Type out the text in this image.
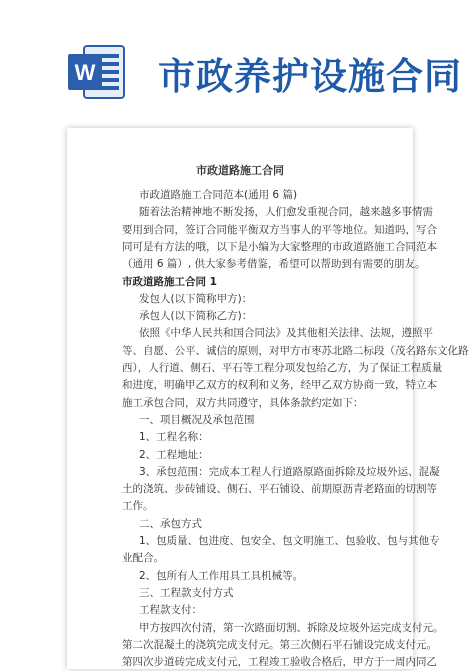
W 市政养护设施合同
市政道路施工合同

市政道路施工合同范本(通用 6 篇)

随着法治精神地不断发扬，人们愈发重视合同，越来越多事情需

要用到合同，签订合同能平衡双方当事人的平等地位。知道吗，写合

同可是有方法的哦，以下是小编为大家整理的市政道路施工合同范本

（通用 6 篇）, 供大家参考借鉴，希望可以帮助到有需要的朋友。

市政道路施工合同 1

发包人(以下简称甲方)：

承包人(以下简称乙方)：

依照《中华人民共和国合同法》及其他相关法律、法规，遵照平

等、自愿、公平、诚信的原则，对甲方市枣苏北路二标段（茂名路东文化路

西），人行道、侧石、平石等工程分项发包给乙方，为了保证工程质量

和进度，明确甲乙双方的权利和义务，经甲乙双方协商一致，特立本

施工承包合同，双方共同遵守，具体条款约定如下：

一、项目概况及承包范围

1、工程名称：

2、工程地址：

3、承包范围：完成本工程人行道路原路面拆除及垃圾外运、混凝

土的浇筑、步砖铺设、侧石、平石铺设、前期原沥青老路面的切割等

工作。

二、承包方式

1、包质量、包进度、包安全、包文明施工、包验收、包与其他专

业配合。

2、包所有人工作用具工具机械等。

三、工程款支付方式

工程款支付：

甲方按四次付清，第一次路面切割、拆除及垃圾外运完成支付元。

第二次混凝土的浇筑完成支付元。第三次侧石平石铺设完成支付元。

第四次步道砖完成支付元，工程竣工验收合格后，甲方于一周内同乙
